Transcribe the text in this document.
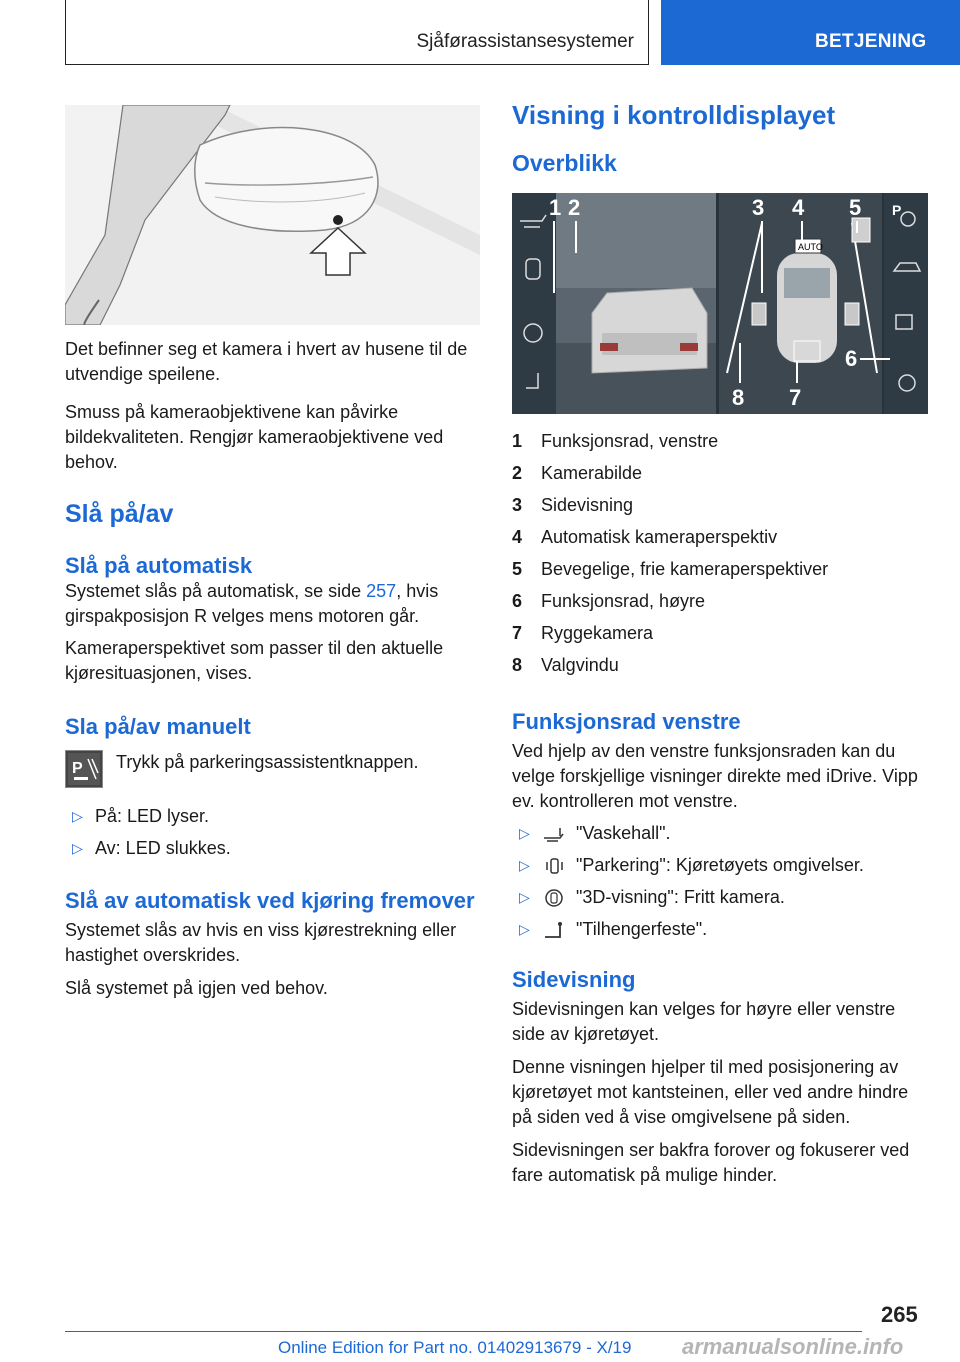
Sjåførassistansesystemer	BETJENING

Det befinner seg et kamera i hvert av husene til de utvendige speilene.

Smuss på kameraobjektivene kan påvirke bildekvaliteten. Rengjør kameraobjektivene ved behov.

Slå på/av
Slå på automatisk

Systemet slås på automatisk, se side 257, hvis girspakposisjon R velges mens motoren går.

Kameraperspektivet som passer til den aktuelle kjøresituasjonen, vises.

Sla på/av manuelt
P Trykk på parkeringsassistentknappen.

▷ På: LED lyser.
▷ Av: LED slukkes.
Slå av automatisk ved kjøring fremover

Systemet slås av hvis en viss kjørestrekning eller hastighet overskrides.

Slå systemet på igjen ved behov.

Visning i kontrolldisplayet
Overblikk
AUTO
P
1 2	3 4 5
6
7
8
1	Funksjonsrad, venstre
2	Kamerabilde
3	Sidevisning
4	Automatisk kameraperspektiv
5	Bevegelige, frie kameraperspektiver
6	Funksjonsrad, høyre
7	Ryggekamera
8	Valgvindu
Funksjonsrad venstre

Ved hjelp av den venstre funksjonsraden kan du velge forskjellige visninger direkte med iDrive. Vipp ev. kontrolleren mot venstre.

▷	"Vaskehall".
▷	"Parkering": Kjøretøyets omgivelser.
▷	"3D-visning": Fritt kamera.
▷	"Tilhengerfeste".
Sidevisning

Sidevisningen kan velges for høyre eller venstre side av kjøretøyet.

Denne visningen hjelper til med posisjonering av kjøretøyet mot kantsteinen, eller ved andre hindre på siden ved å vise omgivelsene på siden.

Sidevisningen ser bakfra forover og fokuserer ved fare automatisk på mulige hinder.

265
Online Edition for Part no. 01402913679 - X/19 armanualsonline.info
